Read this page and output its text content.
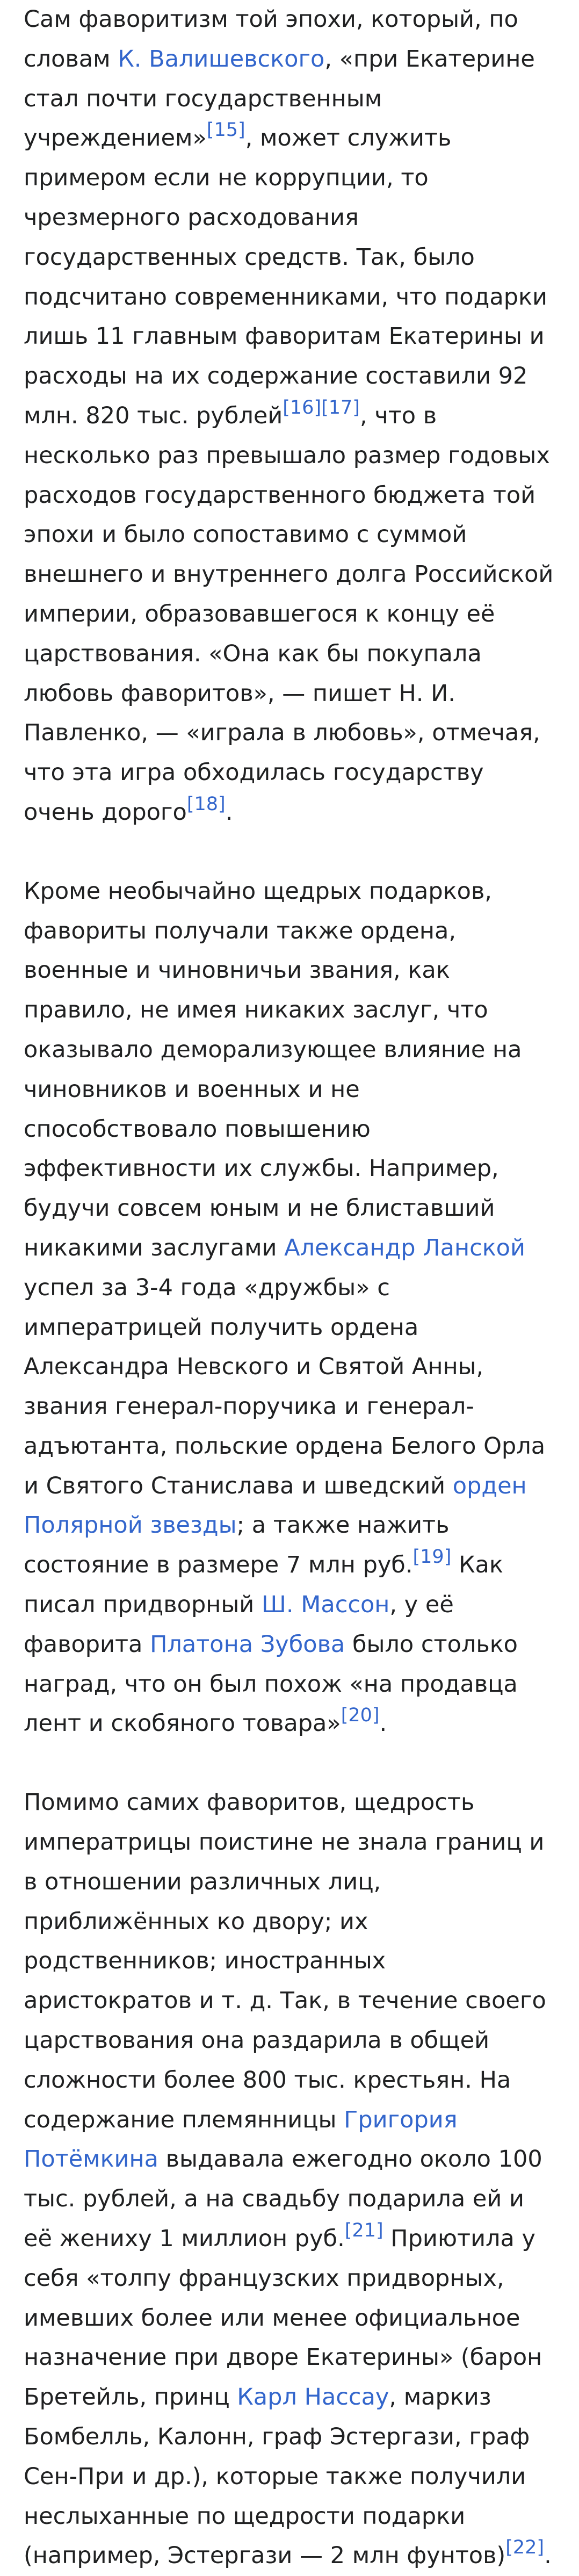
Сам фаворитизм той эпохи, который, по словам К. Валишевского, «при Екатерине стал почти государственным учреждением»[15], может служить примером если не коррупции, то чрезмерного расходования государственных средств. Так, было подсчитано современниками, что подарки лишь 11 главным фаворитам Екатерины и расходы на их содержание составили 92 млн. 820 тыс. рублей[16][17], что в несколько раз превышало размер годовых расходов государственного бюджета той эпохи и было сопоставимо с суммой внешнего и внутреннего долга Российской империи, образовавшегося к концу её царствования. «Она как бы покупала любовь фаворитов», — пишет Н. И. Павленко, — «играла в любовь», отмечая, что эта игра обходилась государству очень дорого[18].

Кроме необычайно щедрых подарков, фавориты получали также ордена, военные и чиновничьи звания, как правило, не имея никаких заслуг, что оказывало деморализующее влияние на чиновников и военных и не способствовало повышению эффективности их службы. Например, будучи совсем юным и не блиставший никакими заслугами Александр Ланской успел за 3-4 года «дружбы» с императрицей получить ордена Александра Невского и Святой Анны, звания генерал-поручика и генерал-адъютанта, польские ордена Белого Орла и Святого Станислава и шведский орден Полярной звезды; а также нажить состояние в размере 7 млн руб.[19] Как писал придворный Ш. Массон, у её фаворита Платона Зубова было столько наград, что он был похож «на продавца лент и скобяного товара»[20].

Помимо самих фаворитов, щедрость императрицы поистине не знала границ и в отношении различных лиц, приближённых ко двору; их родственников; иностранных аристократов и т. д. Так, в течение своего царствования она раздарила в общей сложности более 800 тыс. крестьян. На содержание племянницы Григория Потёмкина выдавала ежегодно около 100 тыс. рублей, а на свадьбу подарила ей и её жениху 1 миллион руб.[21] Приютила у себя «толпу французских придворных, имевших более или менее официальное назначение при дворе Екатерины» (барон Бретейль, принц Карл Нассау, маркиз Бомбелль, Калонн, граф Эстергази, граф Сен-При и др.), которые также получили неслыханные по щедрости подарки (например, Эстергази — 2 млн фунтов)[22].
